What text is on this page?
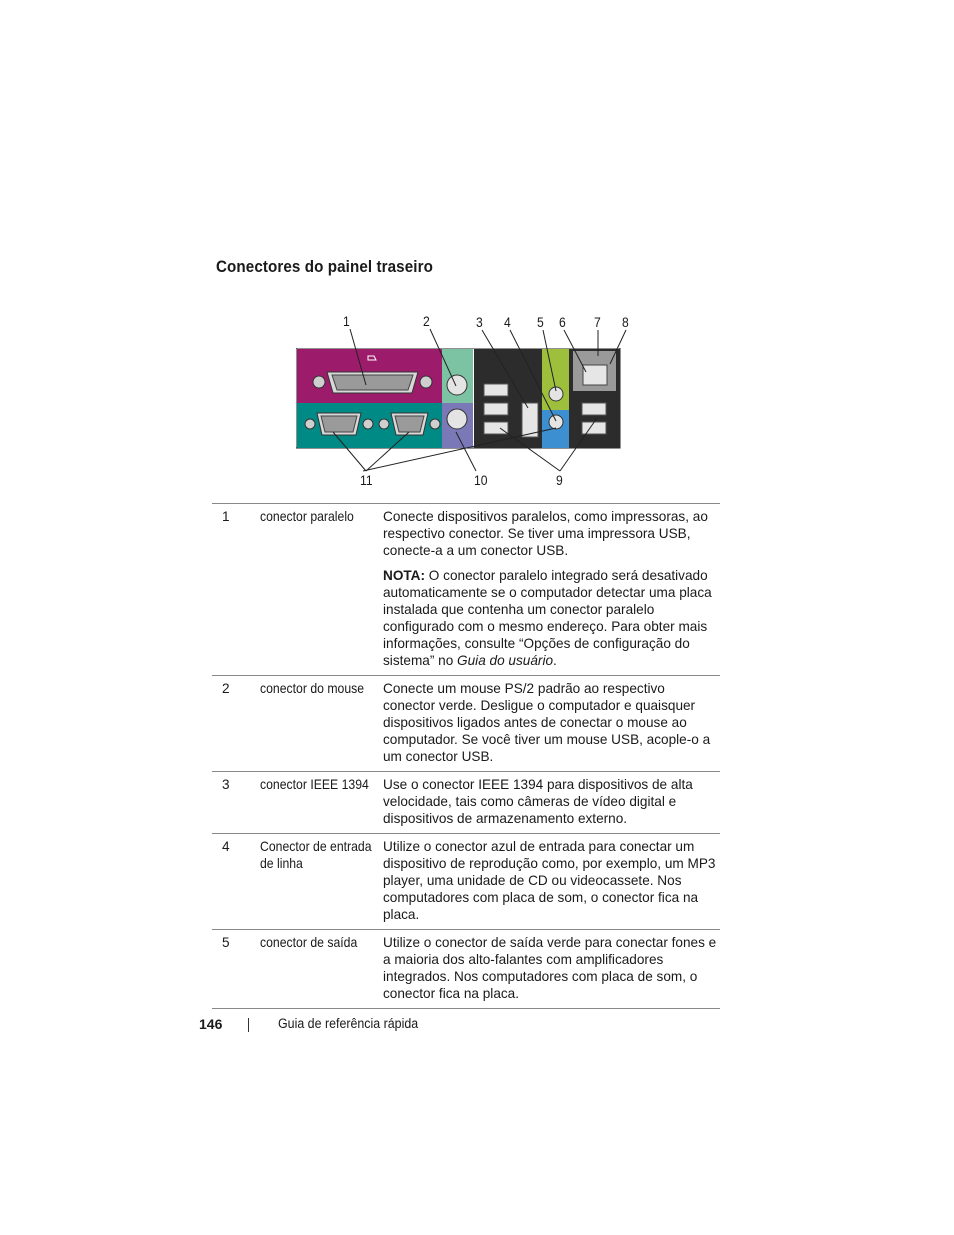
Conectores do painel traseiro
1	2	3 4 5 6 7 8
9
10
11
1	conector paralelo	Conecte dispositivos paralelos, como impressoras, ao respectivo conector. Se tiver uma impressora USB, conecte-a a um conector USB.
NOTA: O conector paralelo integrado será desativado automaticamente se o computador detectar uma placa instalada que contenha um conector paralelo configurado com o mesmo endereço. Para obter mais informações, consulte “Opções de configuração do sistema” no Guia do usuário.

2	conector do mouse	Conecte um mouse PS/2 padrão ao respectivo conector verde. Desligue o computador e quaisquer dispositivos ligados antes de conectar o mouse ao computador. Se você tiver um mouse USB, acople-o a um conector USB.
3	conector IEEE 1394	Use o conector IEEE 1394 para dispositivos de alta velocidade, tais como câmeras de vídeo digital e dispositivos de armazenamento externo.
4	Conector de entrada de linha	Utilize o conector azul de entrada para conectar um dispositivo de reprodução como, por exemplo, um MP3 player, uma unidade de CD ou videocassete. Nos computadores com placa de som, o conector fica na placa.
5	conector de saída	Utilize o conector de saída verde para conectar fones e a maioria dos alto-falantes com amplificadores integrados. Nos computadores com placa de som, o conector fica na placa.
146	Guia de referência rápida
